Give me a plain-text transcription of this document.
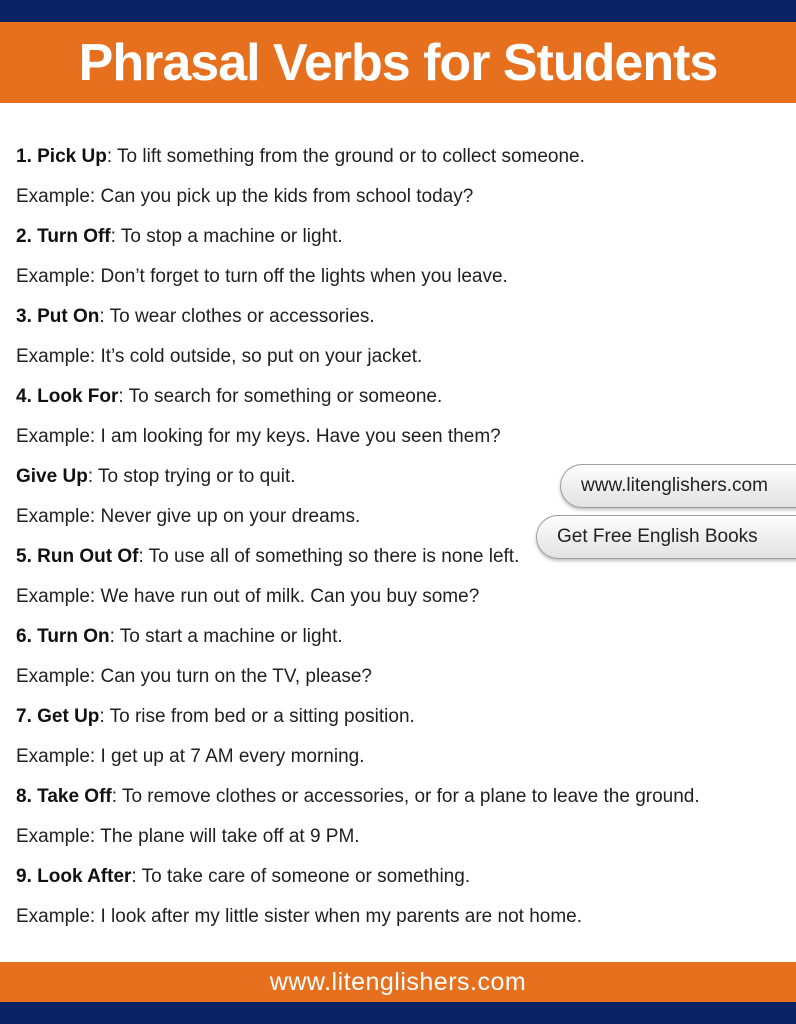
Phrasal Verbs for Students

1. Pick Up: To lift something from the ground or to collect someone.

Example: Can you pick up the kids from school today?

2. Turn Off: To stop a machine or light.

Example: Don’t forget to turn off the lights when you leave.

3. Put On: To wear clothes or accessories.

Example: It’s cold outside, so put on your jacket.

4. Look For: To search for something or someone.

Example: I am looking for my keys. Have you seen them?

Give Up: To stop trying or to quit.

Example: Never give up on your dreams.

5. Run Out Of: To use all of something so there is none left.

Example: We have run out of milk. Can you buy some?

6. Turn On: To start a machine or light.

Example: Can you turn on the TV, please?

7. Get Up: To rise from bed or a sitting position.

Example: I get up at 7 AM every morning.

8. Take Off: To remove clothes or accessories, or for a plane to leave the ground.

Example: The plane will take off at 9 PM.

9. Look After: To take care of someone or something.

Example: I look after my little sister when my parents are not home.

www.litenglishers.com
Get Free English Books
www.litenglishers.com
